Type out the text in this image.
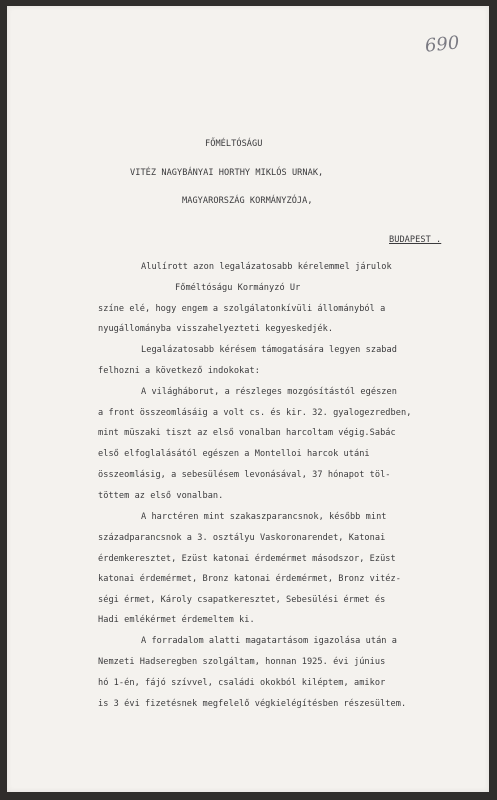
690
FŐMÉLTÓSÁGU
VITÉZ NAGYBÁNYAI HORTHY MIKLÓS URNAK,
MAGYARORSZÁG KORMÁNYZÓJA,
BUDAPEST .
Alulírott azon legalázatosabb kérelemmel járulok
Főméltóságu Kormányzó Ur
színe elé, hogy engem a szolgálatonkívüli állományból a
nyugállományba visszahelyezteti kegyeskedjék.
Legalázatosabb kérésem támogatására legyen szabad
felhozni a következő indokokat:
A világháborut, a részleges mozgósítástól egészen
a front összeomlásáig a volt cs. és kir. 32. gyalogezredben,
mint müszaki tiszt az első vonalban harcoltam végig.Sabác
első elfoglalásától egészen a Montelloi harcok utáni
összeomlásig, a sebesülésem levonásával, 37 hónapot töl-
töttem az első vonalban.
A harctéren mint szakaszparancsnok, később mint
századparancsnok a 3. osztályu Vaskoronarendet, Katonai
érdemkeresztet, Ezüst katonai érdemérmet másodszor, Ezüst
katonai érdemérmet, Bronz katonai érdemérmet, Bronz vitéz-
ségi érmet, Károly csapatkeresztet, Sebesülési érmet és
Hadi emlékérmet érdemeltem ki.
A forradalom alatti magatartásom igazolása után a
Nemzeti Hadseregben szolgáltam, honnan 1925. évi június
hó 1-én, fájó szívvel, családi okokból kiléptem, amikor
is 3 évi fizetésnek megfelelő végkielégítésben részesültem.
